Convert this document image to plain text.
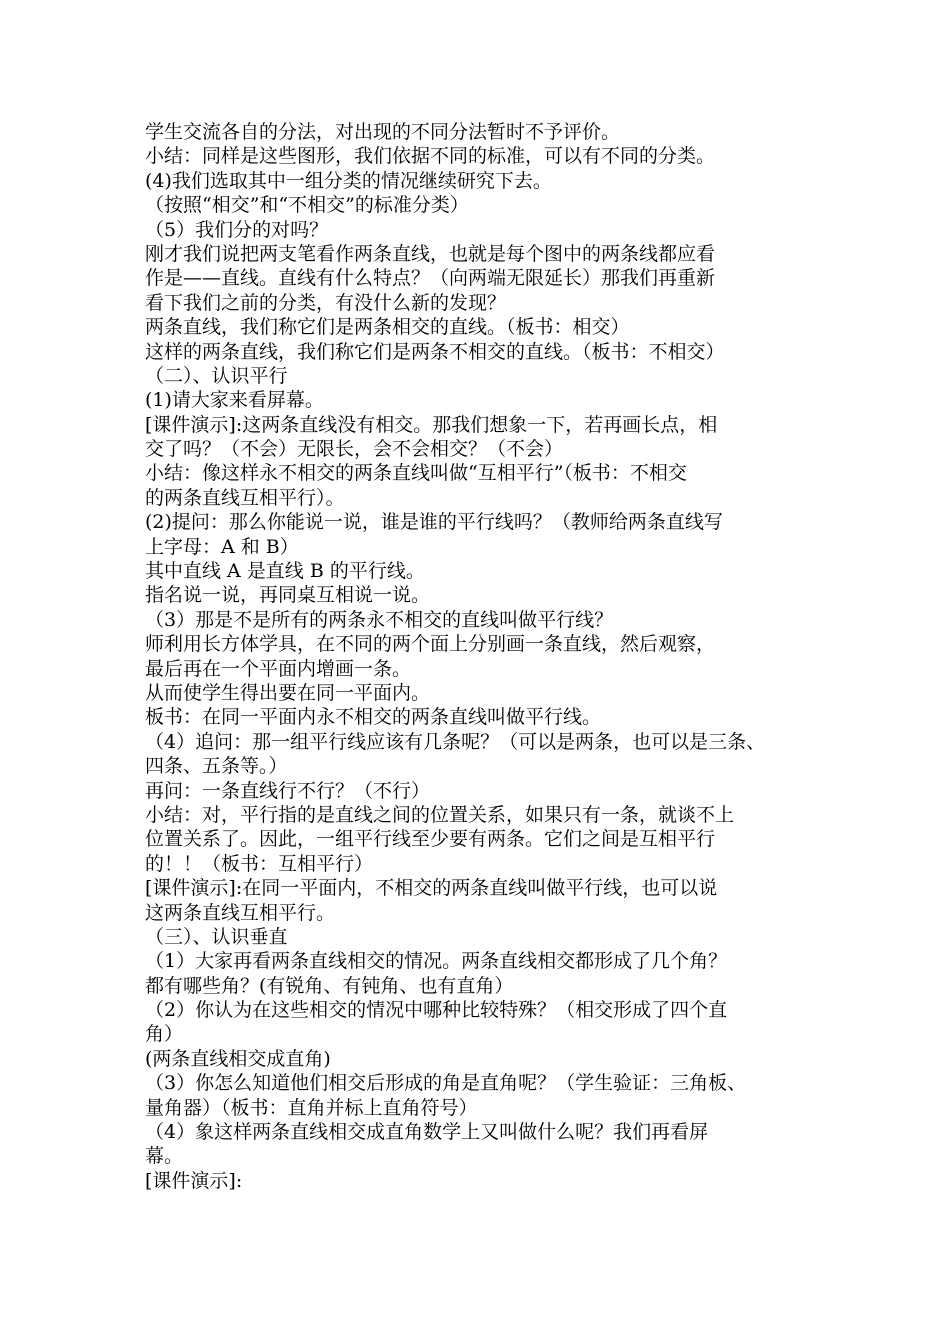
学生交流各自的分法，对出现的不同分法暂时不予评价。
小结：同样是这些图形，我们依据不同的标准，可以有不同的分类。
(4)我们选取其中一组分类的情况继续研究下去。
（按照“相交”和“不相交”的标准分类）
（5）我们分的对吗？
刚才我们说把两支笔看作两条直线，也就是每个图中的两条线都应看
作是——直线。直线有什么特点？（向两端无限延长）那我们再重新
看下我们之前的分类，有没什么新的发现？
两条直线，我们称它们是两条相交的直线。（板书：相交）
这样的两条直线，我们称它们是两条不相交的直线。（板书：不相交）
（二）、认识平行
(1)请大家来看屏幕。
[课件演示]:这两条直线没有相交。那我们想象一下，若再画长点，相
交了吗？（不会）无限长，会不会相交？（不会）
小结：像这样永不相交的两条直线叫做“互相平行”（板书：不相交
的两条直线互相平行）。
(2)提问：那么你能说一说，谁是谁的平行线吗？（教师给两条直线写
上字母：A 和 B）
其中直线 A 是直线 B 的平行线。
指名说一说，再同桌互相说一说。
（3）那是不是所有的两条永不相交的直线叫做平行线？
师利用长方体学具，在不同的两个面上分别画一条直线，然后观察，
最后再在一个平面内增画一条。
从而使学生得出要在同一平面内。
板书：在同一平面内永不相交的两条直线叫做平行线。
（4）追问：那一组平行线应该有几条呢？（可以是两条，也可以是三条、
四条、五条等。）
再问：一条直线行不行？（不行）
小结：对，平行指的是直线之间的位置关系，如果只有一条，就谈不上
位置关系了。因此，一组平行线至少要有两条。它们之间是互相平行
的！！（板书：互相平行）
[课件演示]:在同一平面内，不相交的两条直线叫做平行线，也可以说
这两条直线互相平行。
（三）、认识垂直
（1）大家再看两条直线相交的情况。两条直线相交都形成了几个角？
都有哪些角？(有锐角、有钝角、也有直角）
（2）你认为在这些相交的情况中哪种比较特殊？（相交形成了四个直
角）
(两条直线相交成直角)
（3）你怎么知道他们相交后形成的角是直角呢？（学生验证：三角板、
量角器）（板书：直角并标上直角符号）
（4）象这样两条直线相交成直角数学上又叫做什么呢？我们再看屏
幕。
[课件演示]:
